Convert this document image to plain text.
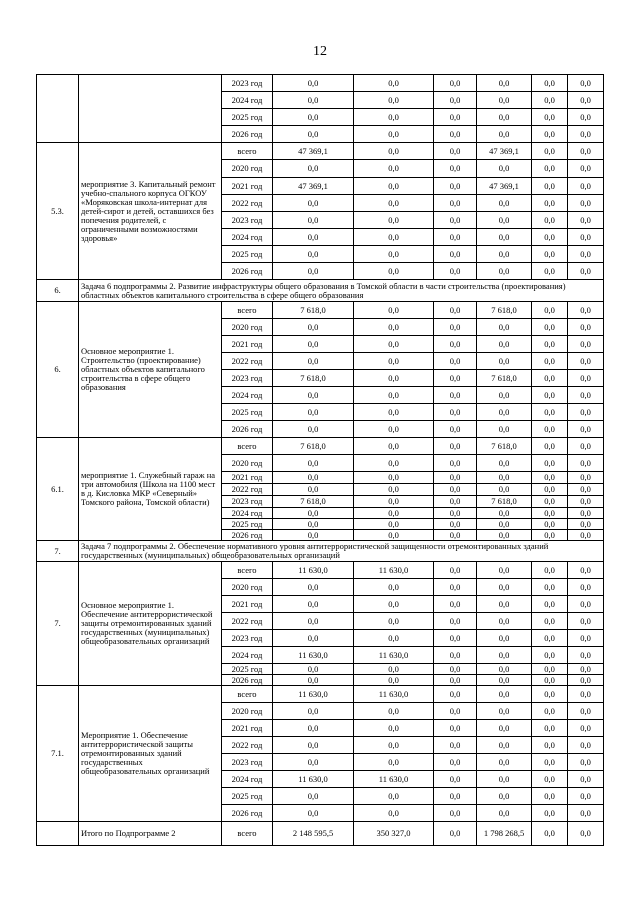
12
		2023 год	0,0	0,0	0,0	0,0	0,0	0,0
		2024 год	0,0	0,0	0,0	0,0	0,0	0,0
		2025 год	0,0	0,0	0,0	0,0	0,0	0,0
		2026 год	0,0	0,0	0,0	0,0	0,0	0,0
5.3.	мероприятие 3. Капитальный ремонт учебно-спального корпуса ОГКОУ «Моряковская школа-интернат для детей-сирот и детей, оставшихся без попечения родителей, с ограниченными возможностями здоровья»	всего	47 369,1	0,0	0,0	47 369,1	0,0	0,0
		2020 год	0,0	0,0	0,0	0,0	0,0	0,0
		2021 год	47 369,1	0,0	0,0	47 369,1	0,0	0,0
		2022 год	0,0	0,0	0,0	0,0	0,0	0,0
		2023 год	0,0	0,0	0,0	0,0	0,0	0,0
		2024 год	0,0	0,0	0,0	0,0	0,0	0,0
		2025 год	0,0	0,0	0,0	0,0	0,0	0,0
		2026 год	0,0	0,0	0,0	0,0	0,0	0,0
6.	Задача 6 подпрограммы 2. Развитие инфраструктуры общего образования в Томской области в части строительства (проектирования) областных объектов капитального строительства в сфере общего образования							
6.	Основное мероприятие 1. Строительство (проектирование) областных объектов капитального строительства в сфере общего образования	всего	7 618,0	0,0	0,0	7 618,0	0,0	0,0
		2020 год	0,0	0,0	0,0	0,0	0,0	0,0
		2021 год	0,0	0,0	0,0	0,0	0,0	0,0
		2022 год	0,0	0,0	0,0	0,0	0,0	0,0
		2023 год	7 618,0	0,0	0,0	7 618,0	0,0	0,0
		2024 год	0,0	0,0	0,0	0,0	0,0	0,0
		2025 год	0,0	0,0	0,0	0,0	0,0	0,0
		2026 год	0,0	0,0	0,0	0,0	0,0	0,0
6.1.	мероприятие 1. Служебный гараж на три автомобиля (Школа на 1100 мест в д. Кисловка МКР «Северный» Томского района, Томской области)	всего	7 618,0	0,0	0,0	7 618,0	0,0	0,0
		2020 год	0,0	0,0	0,0	0,0	0,0	0,0
		2021 год	0,0	0,0	0,0	0,0	0,0	0,0
		2022 год	0,0	0,0	0,0	0,0	0,0	0,0
		2023 год	7 618,0	0,0	0,0	7 618,0	0,0	0,0
		2024 год	0,0	0,0	0,0	0,0	0,0	0,0
		2025 год	0,0	0,0	0,0	0,0	0,0	0,0
		2026 год	0,0	0,0	0,0	0,0	0,0	0,0
7.	Задача 7 подпрограммы 2. Обеспечение нормативного уровня антитеррористической защищенности отремонтированных зданий государственных (муниципальных) общеобразовательных организаций							
7.	Основное мероприятие 1. Обеспечение антитеррористической защиты отремонтированных зданий государственных (муниципальных) общеобразовательных организаций	всего	11 630,0	11 630,0	0,0	0,0	0,0	0,0
		2020 год	0,0	0,0	0,0	0,0	0,0	0,0
		2021 год	0,0	0,0	0,0	0,0	0,0	0,0
		2022 год	0,0	0,0	0,0	0,0	0,0	0,0
		2023 год	0,0	0,0	0,0	0,0	0,0	0,0
		2024 год	11 630,0	11 630,0	0,0	0,0	0,0	0,0
		2025 год	0,0	0,0	0,0	0,0	0,0	0,0
		2026 год	0,0	0,0	0,0	0,0	0,0	0,0
7.1.	Мероприятие 1. Обеспечение антитеррористической защиты отремонтированных зданий государственных общеобразовательных организаций	всего	11 630,0	11 630,0	0,0	0,0	0,0	0,0
		2020 год	0,0	0,0	0,0	0,0	0,0	0,0
		2021 год	0,0	0,0	0,0	0,0	0,0	0,0
		2022 год	0,0	0,0	0,0	0,0	0,0	0,0
		2023 год	0,0	0,0	0,0	0,0	0,0	0,0
		2024 год	11 630,0	11 630,0	0,0	0,0	0,0	0,0
		2025 год	0,0	0,0	0,0	0,0	0,0	0,0
		2026 год	0,0	0,0	0,0	0,0	0,0	0,0
	Итого по Подпрограмме 2	всего	2 148 595,5	350 327,0	0,0	1 798 268,5	0,0	0,0
